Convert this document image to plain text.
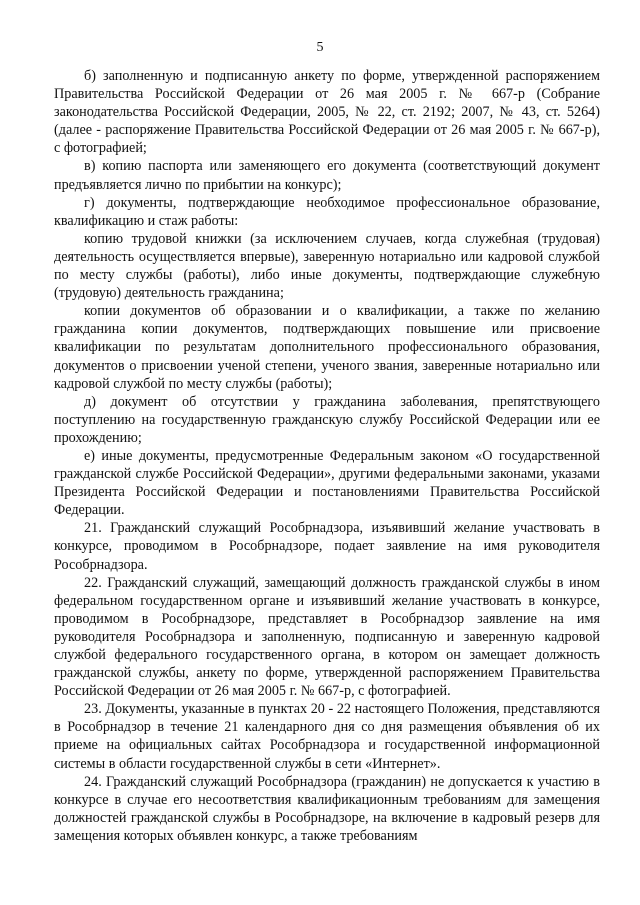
5

б) заполненную и подписанную анкету по форме, утвержденной распоряжением Правительства Российской Федерации от 26 мая 2005 г. № 667-р (Собрание законодательства Российской Федерации, 2005, № 22, ст. 2192; 2007, № 43, ст. 5264) (далее - распоряжение Правительства Российской Федерации от 26 мая 2005 г. № 667-р), с фотографией;

в) копию паспорта или заменяющего его документа (соответствующий документ предъявляется лично по прибытии на конкурс);

г) документы, подтверждающие необходимое профессиональное образование, квалификацию и стаж работы:

копию трудовой книжки (за исключением случаев, когда служебная (трудовая) деятельность осуществляется впервые), заверенную нотариально или кадровой службой по месту службы (работы), либо иные документы, подтверждающие служебную (трудовую) деятельность гражданина;

копии документов об образовании и о квалификации, а также по желанию гражданина копии документов, подтверждающих повышение или присвоение квалификации по результатам дополнительного профессионального образования, документов о присвоении ученой степени, ученого звания, заверенные нотариально или кадровой службой по месту службы (работы);

д) документ об отсутствии у гражданина заболевания, препятствующего поступлению на государственную гражданскую службу Российской Федерации или ее прохождению;

е) иные документы, предусмотренные Федеральным законом «О государственной гражданской службе Российской Федерации», другими федеральными законами, указами Президента Российской Федерации и постановлениями Правительства Российской Федерации.

21. Гражданский служащий Рособрнадзора, изъявивший желание участвовать в конкурсе, проводимом в Рособрнадзоре, подает заявление на имя руководителя Рособрнадзора.

22. Гражданский служащий, замещающий должность гражданской службы в ином федеральном государственном органе и изъявивший желание участвовать в конкурсе, проводимом в Рособрнадзоре, представляет в Рособрнадзор заявление на имя руководителя Рособрнадзора и заполненную, подписанную и заверенную кадровой службой федерального государственного органа, в котором он замещает должность гражданской службы, анкету по форме, утвержденной распоряжением Правительства Российской Федерации от 26 мая 2005 г. № 667-р, с фотографией.

23. Документы, указанные в пунктах 20 - 22 настоящего Положения, представляются в Рособрнадзор в течение 21 календарного дня со дня размещения объявления об их приеме на официальных сайтах Рособрнадзора и государственной информационной системы в области государственной службы в сети «Интернет».

24. Гражданский служащий Рособрнадзора (гражданин) не допускается к участию в конкурсе в случае его несоответствия квалификационным требованиям для замещения должностей гражданской службы в Рособрнадзоре, на включение в кадровый резерв для замещения которых объявлен конкурс, а также требованиям
